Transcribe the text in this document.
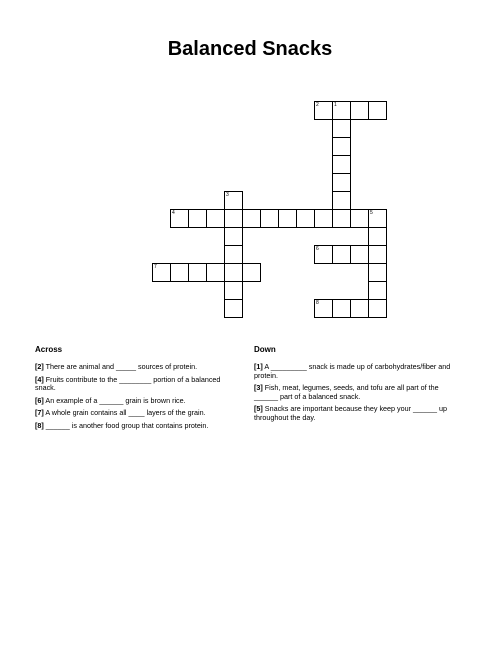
Balanced Snacks
2	1
4	5
3
6
7
8
Across
[2] There are animal and _____ sources of protein.
[4] Fruits contribute to the ________ portion of a balanced snack.
[6] An example of a ______ grain is brown rice.
[7] A whole grain contains all ____ layers of the grain.
[8] ______ is another food group that contains protein.
Down
[1] A _________ snack is made up of carbohydrates/fiber and protein.
[3] Fish, meat, legumes, seeds, and tofu are all part of the ______ part of a balanced snack.
[5] Snacks are important because they keep your ______ up throughout the day.
